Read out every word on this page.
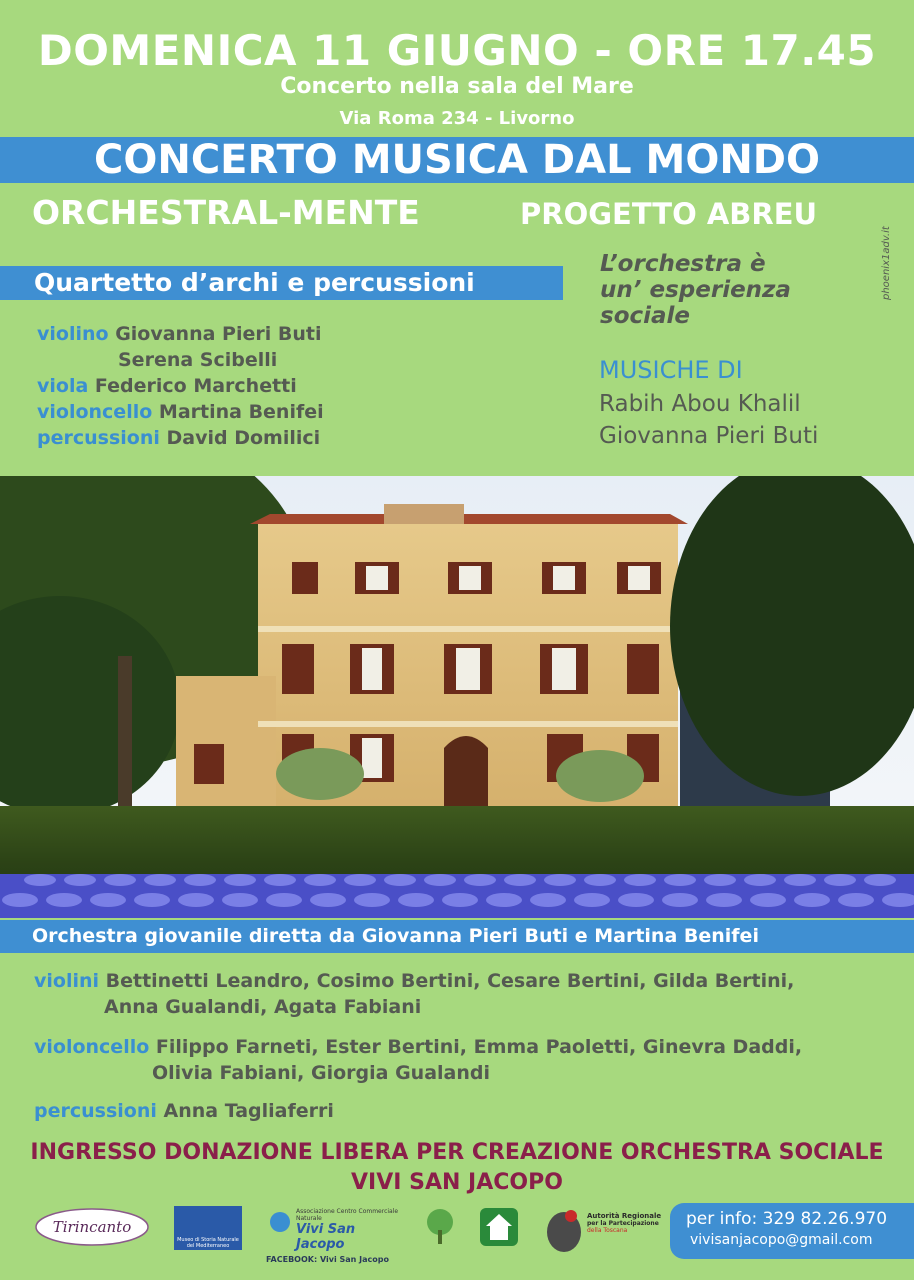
DOMENICA 11 GIUGNO - ORE 17.45
Concerto nella sala del Mare
Via Roma 234 - Livorno
CONCERTO MUSICA DAL MONDO
ORCHESTRAL-MENTE	PROGETTO ABREU
Quartetto d’archi e percussioni
L’orchestra è
un’ esperienza
sociale
violino Giovanna Pieri Buti
Serena Scibelli
viola Federico Marchetti
violoncello Martina Benifei
percussioni David Domilici
MUSICHE DI
Rabih Abou Khalil
Giovanna Pieri Buti
phoenix1adv.it
Orchestra giovanile diretta da Giovanna Pieri Buti e Martina Benifei
violini Bettinetti Leandro, Cosimo Bertini, Cesare Bertini, Gilda Bertini,
Anna Gualandi, Agata Fabiani
violoncello Filippo Farneti, Ester Bertini, Emma Paoletti, Ginevra Daddi,
Olivia Fabiani, Giorgia Gualandi
percussioni Anna Tagliaferri
INGRESSO DONAZIONE LIBERA PER CREAZIONE ORCHESTRA SOCIALE
VIVI SAN JACOPO
Tirincanto
Museo di Storia Naturale del Mediterraneo
Associazione Centro Commerciale Naturale
Vivi San Jacopo
FACEBOOK: Vivi San Jacopo
Autorità Regionale
per la Partecipazione
della Toscana
per info: 329 82.26.970
vivisanjacopo@gmail.com
